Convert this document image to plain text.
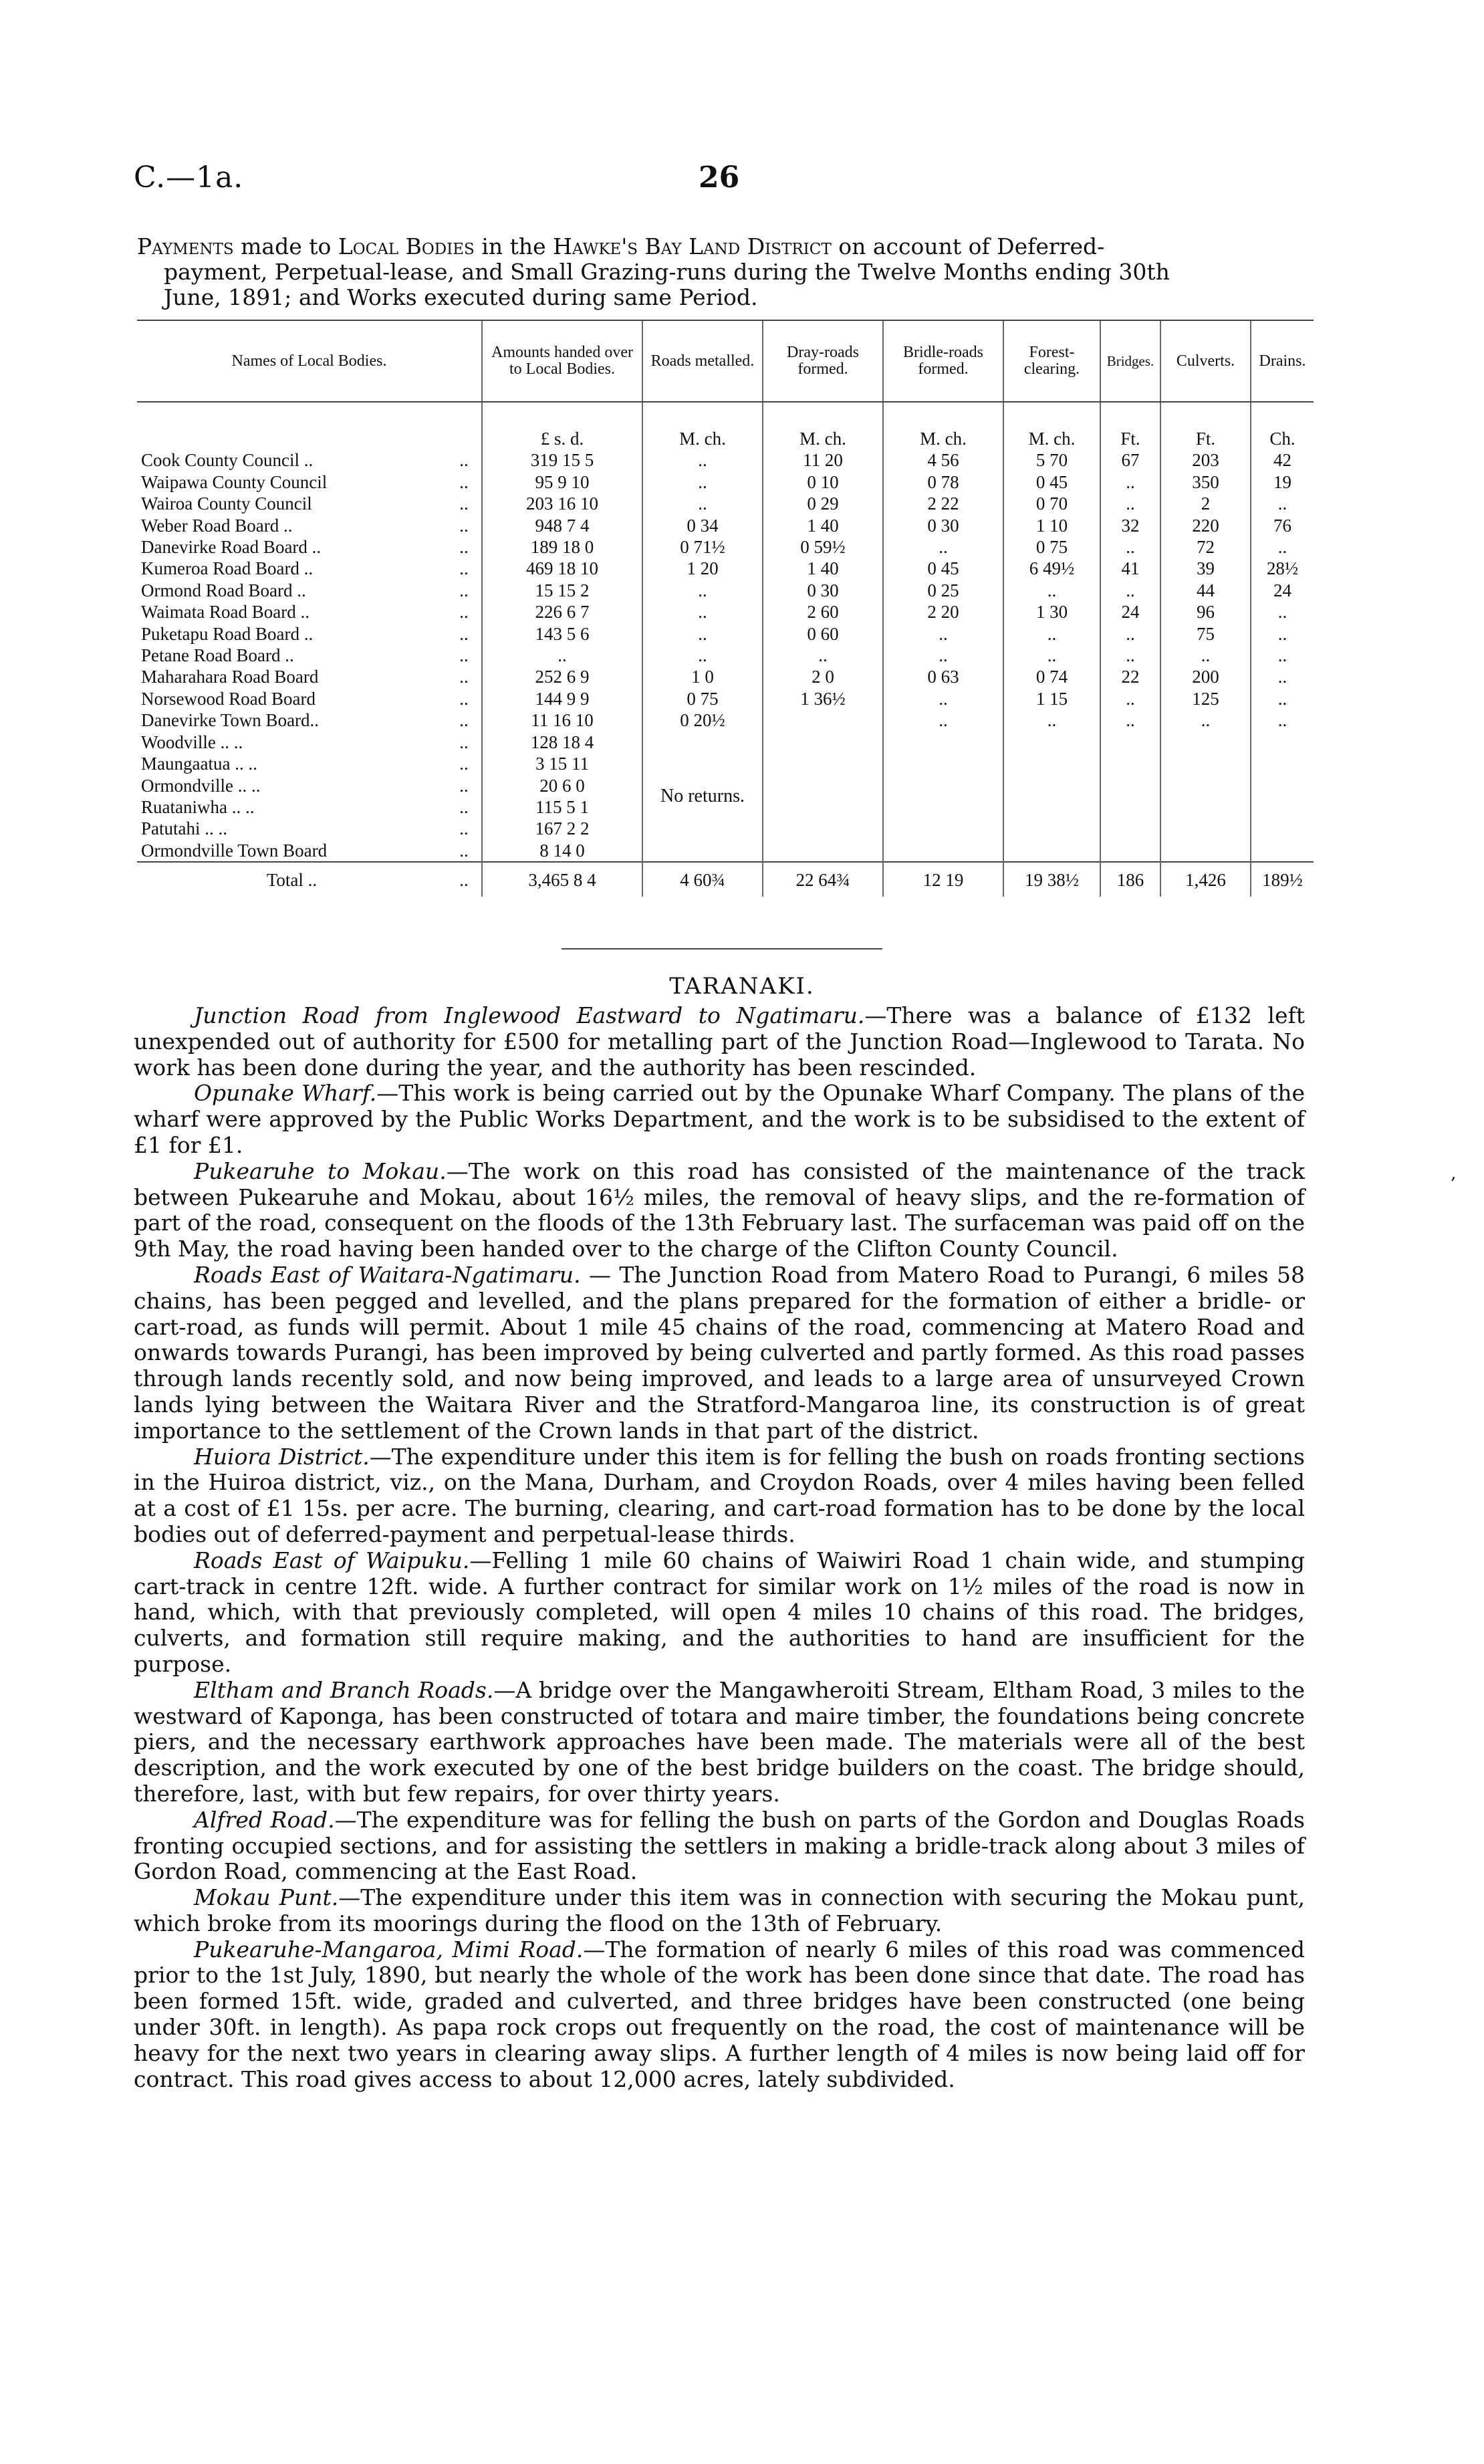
C.—1a.	26
Payments made to Local Bodies in the Hawke's Bay Land District on account of Deferred-
payment, Perpetual-lease, and Small Grazing-runs during the Twelve Months ending 30th
June, 1891; and Works executed during same Period.
Names of Local Bodies.		Amounts handed over to Local Bodies.	Roads metalled.	Dray-roads formed.	Bridle-roads formed.	Forest-clearing.	Bridges.	Culverts.	Drains.
		£ s. d.	M. ch.	M. ch.	M. ch.	M. ch.	Ft.	Ft.	Ch.
Cook County Council ..	..	319 15 5	..	11 20	4 56	5 70	67	203	42
Waipawa County Council	..	95 9 10	..	0 10	0 78	0 45	..	350	19
Wairoa County Council	..	203 16 10	..	0 29	2 22	0 70	..	2	..
Weber Road Board ..	..	948 7 4	0 34	1 40	0 30	1 10	32	220	76
Danevirke Road Board ..	..	189 18 0	0 71½	0 59½	..	0 75	..	72	..
Kumeroa Road Board ..	..	469 18 10	1 20	1 40	0 45	6 49½	41	39	28½
Ormond Road Board ..	..	15 15 2	..	0 30	0 25	..	..	44	24
Waimata Road Board ..	..	226 6 7	..	2 60	2 20	1 30	24	96	..
Puketapu Road Board ..	..	143 5 6	..	0 60	..	..	..	75	..
Petane Road Board ..	..	..	..	..	..	..	..	..	..
Maharahara Road Board	..	252 6 9	1 0	2 0	0 63	0 74	22	200	..
Norsewood Road Board	..	144 9 9	0 75	1 36½	..	1 15	..	125	..
Danevirke Town Board..	..	11 16 10	0 20½		..	..	..	..	..
Woodville .. ..	..	128 18 4	No returns.						
Maungaatua .. ..	..	3 15 11							
Ormondville .. ..	..	20 6 0							
Ruataniwha .. ..	..	115 5 1							
Patutahi .. ..	..	167 2 2							
Ormondville Town Board	..	8 14 0							
Total ..	..	3,465 8 4	4 60¾	22 64¾	12 19	19 38½	186	1,426	189½
TARANAKI.

Junction Road from Inglewood Eastward to Ngatimaru.—There was a balance of £132 left unexpended out of authority for £500 for metalling part of the Junction Road—Inglewood to Tarata. No work has been done during the year, and the authority has been rescinded.

Opunake Wharf.—This work is being carried out by the Opunake Wharf Company. The plans of the wharf were approved by the Public Works Department, and the work is to be subsidised to the extent of £1 for £1.

Pukearuhe to Mokau.—The work on this road has consisted of the maintenance of the track between Pukearuhe and Mokau, about 16½ miles, the removal of heavy slips, and the re-formation of part of the road, consequent on the floods of the 13th February last. The surfaceman was paid off on the 9th May, the road having been handed over to the charge of the Clifton County Council.

Roads East of Waitara-Ngatimaru. — The Junction Road from Matero Road to Purangi, 6 miles 58 chains, has been pegged and levelled, and the plans prepared for the formation of either a bridle- or cart-road, as funds will permit. About 1 mile 45 chains of the road, commencing at Matero Road and onwards towards Purangi, has been improved by being culverted and partly formed. As this road passes through lands recently sold, and now being improved, and leads to a large area of unsurveyed Crown lands lying between the Waitara River and the Stratford-Mangaroa line, its construction is of great importance to the settlement of the Crown lands in that part of the district.

Huiora District.—The expenditure under this item is for felling the bush on roads fronting sections in the Huiroa district, viz., on the Mana, Durham, and Croydon Roads, over 4 miles having been felled at a cost of £1 15s. per acre. The burning, clearing, and cart-road formation has to be done by the local bodies out of deferred-payment and perpetual-lease thirds.

Roads East of Waipuku.—Felling 1 mile 60 chains of Waiwiri Road 1 chain wide, and stumping cart-track in centre 12ft. wide. A further contract for similar work on 1½ miles of the road is now in hand, which, with that previously completed, will open 4 miles 10 chains of this road. The bridges, culverts, and formation still require making, and the authorities to hand are insufficient for the purpose.

Eltham and Branch Roads.—A bridge over the Mangawheroiti Stream, Eltham Road, 3 miles to the westward of Kaponga, has been constructed of totara and maire timber, the foundations being concrete piers, and the necessary earthwork approaches have been made. The materials were all of the best description, and the work executed by one of the best bridge builders on the coast. The bridge should, therefore, last, with but few repairs, for over thirty years.

Alfred Road.—The expenditure was for felling the bush on parts of the Gordon and Douglas Roads fronting occupied sections, and for assisting the settlers in making a bridle-track along about 3 miles of Gordon Road, commencing at the East Road.

Mokau Punt.—The expenditure under this item was in connection with securing the Mokau punt, which broke from its moorings during the flood on the 13th of February.

Pukearuhe-Mangaroa, Mimi Road.—The formation of nearly 6 miles of this road was commenced prior to the 1st July, 1890, but nearly the whole of the work has been done since that date. The road has been formed 15ft. wide, graded and culverted, and three bridges have been constructed (one being under 30ft. in length). As papa rock crops out frequently on the road, the cost of maintenance will be heavy for the next two years in clearing away slips. A further length of 4 miles is now being laid off for contract. This road gives access to about 12,000 acres, lately subdivided.

‚
